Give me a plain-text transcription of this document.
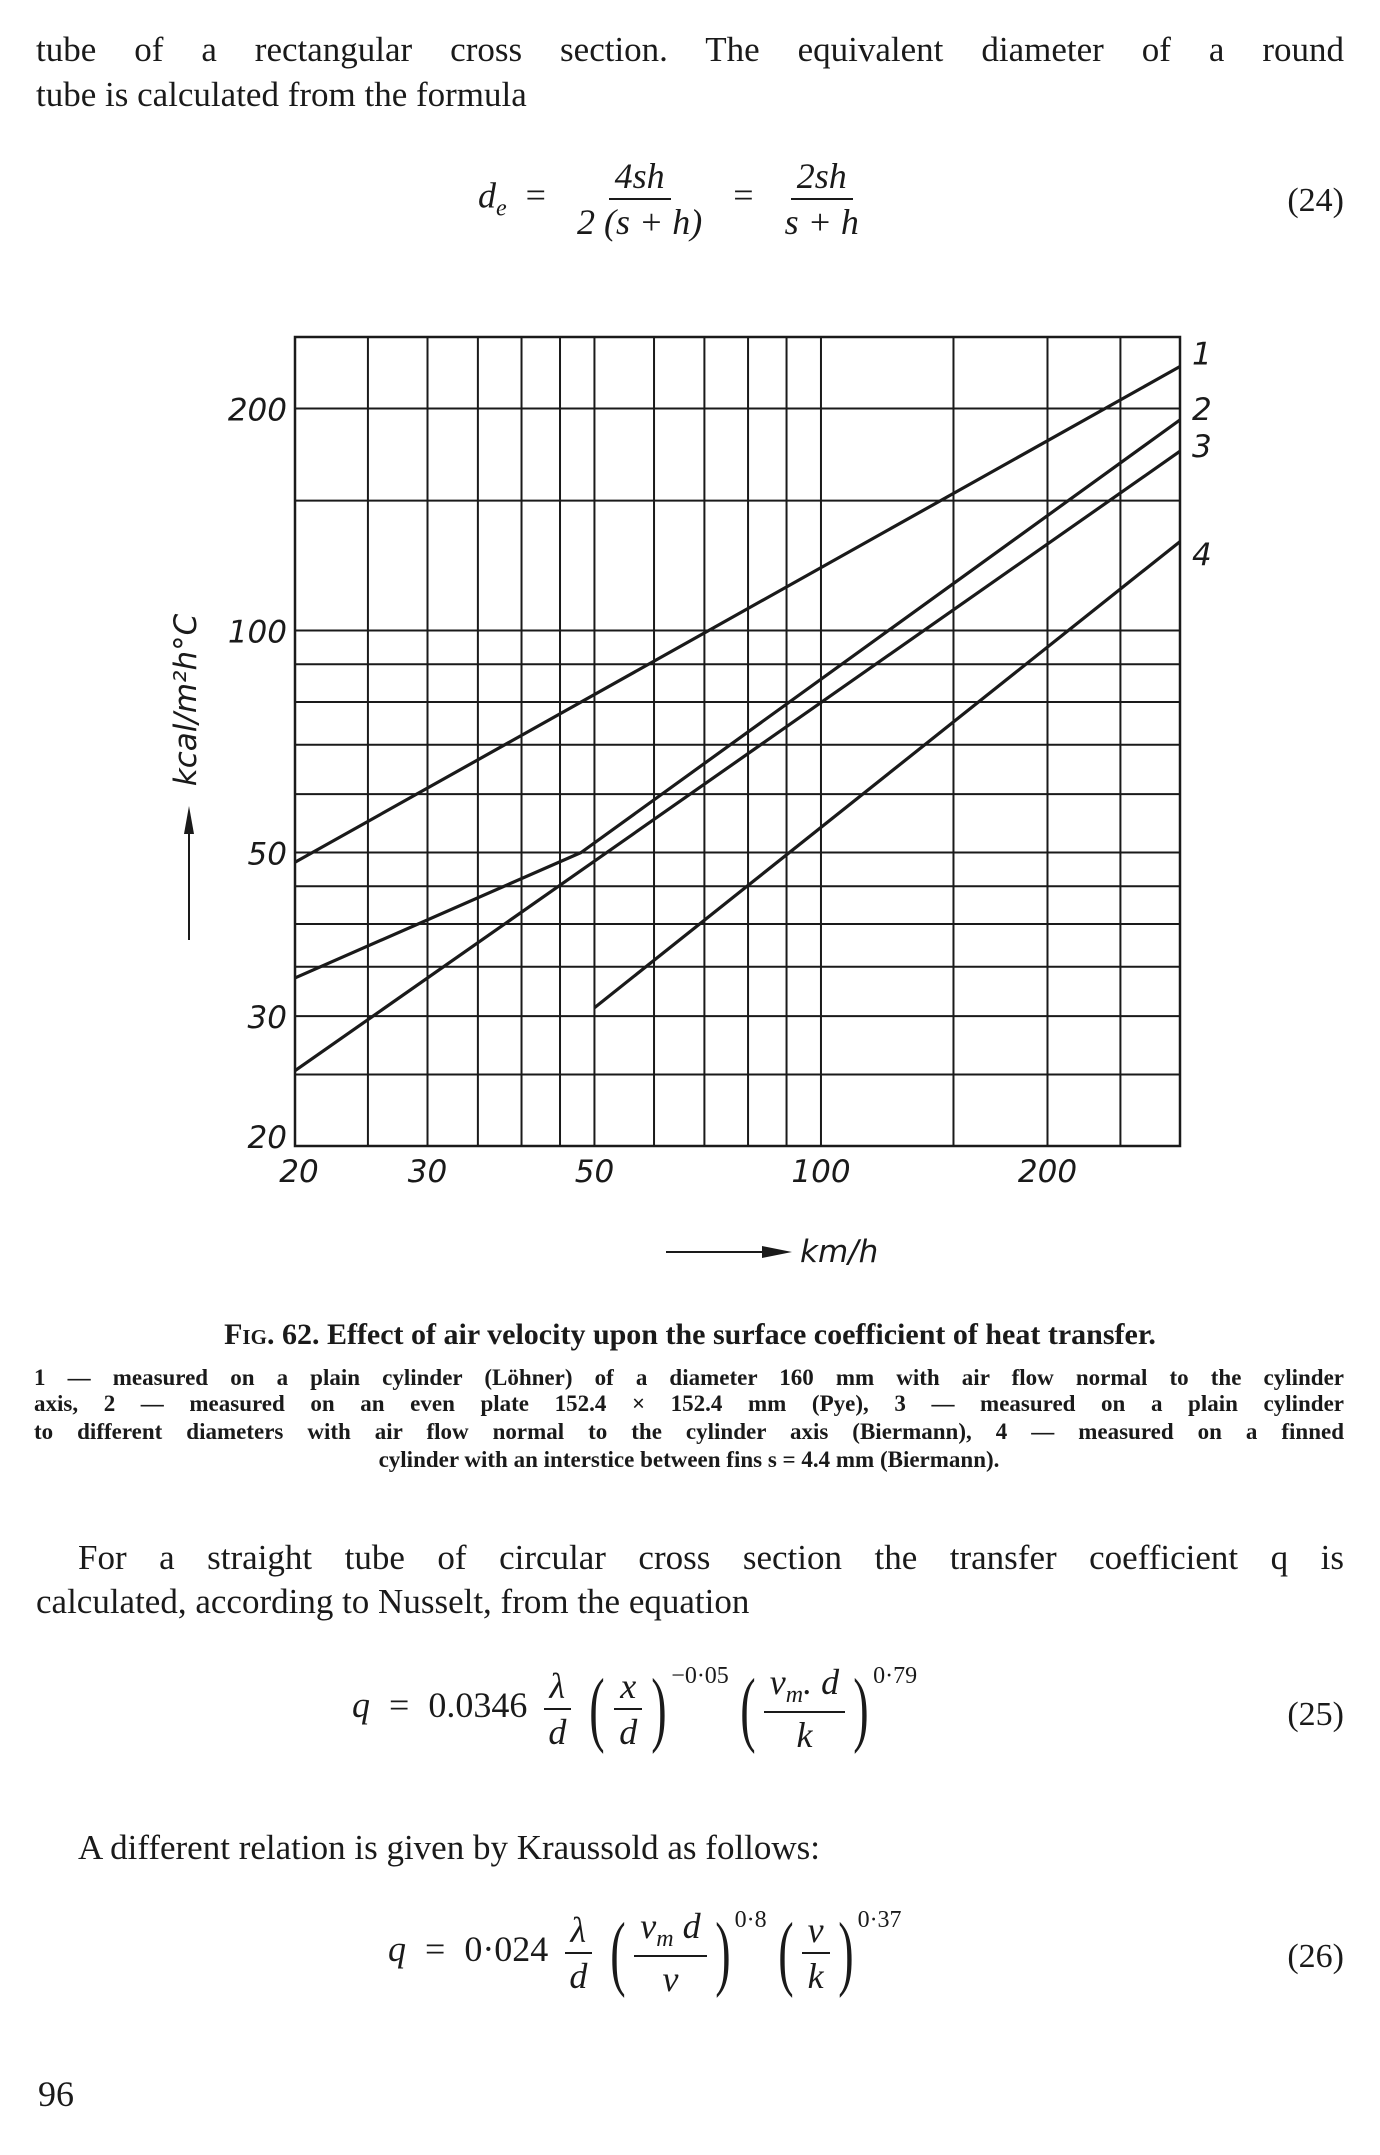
tube of a rectangular cross section. The equivalent diameter of a round
tube is calculated from the formula
$d_e = \frac{4sh}{2 (s + h)} = \frac{2sh}{s + h}$	(24)
20	30	50	100	200
20
30
50
100
200
1
2
3
4
kcal/m²h°C
km/h
Fig. 62. Effect of air velocity upon the surface coefficient of heat transfer.
1 — measured on a plain cylinder (Löhner) of a diameter 160 mm with air flow normal to the cylinder
axis, 2 — measured on an even plate 152.4 × 152.4 mm (Pye), 3 — measured on a plain cylinder
to different diameters with air flow normal to the cylinder axis (Biermann), 4 — measured on a finned
cylinder with an interstice between fins s = 4.4 mm (Biermann).
For a straight tube of circular cross section the transfer coefficient q is
calculated, according to Nusselt, from the equation
$q = 0.0346 \frac{\lambda}{d}$ ( $\frac{x}{d}$ ) −0·05 ( $\frac{v_m. d}{k}$ ) 0·79
(25)
A different relation is given by Kraussold as follows:
$q = 0\cdot 024 \frac{\lambda}{d}$ ( $\frac{v_m d}{\nu}$ ) 0·8 ( $\frac{\nu}{k}$ ) 0·37
(26)
96
